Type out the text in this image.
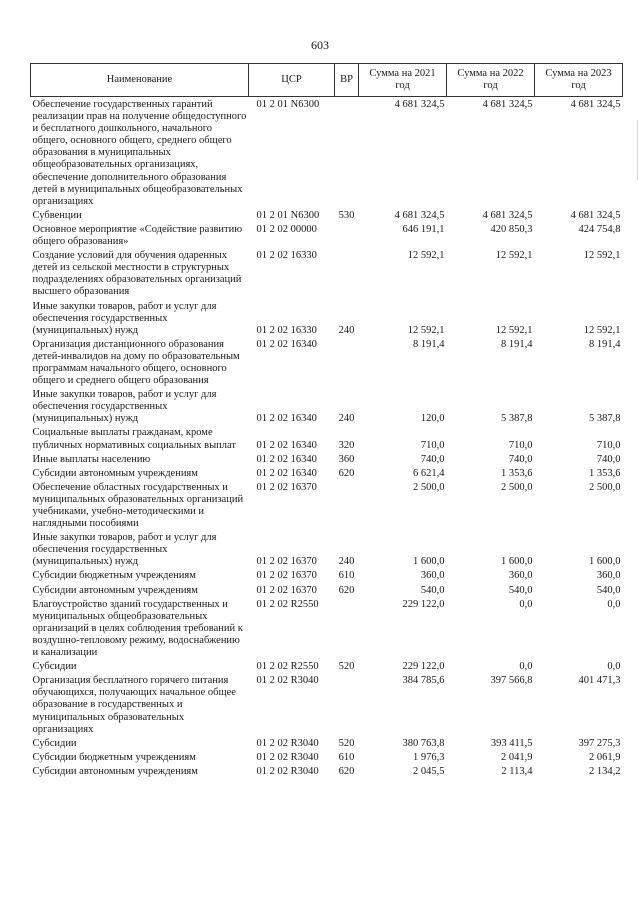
603
Наименование	ЦСР	ВР	Сумма на 2021 год	Сумма на 2022 год	Сумма на 2023 год
Обеспечение государственных гарантий реализации прав на получение общедоступного и бесплатного дошкольного, начального общего, основного общего, среднего общего образования в муниципальных общеобразовательных организациях, обеспечение дополнительного образования детей в муниципальных общеобразовательных организациях	01 2 01 N6300		4 681 324,5	4 681 324,5	4 681 324,5
Субвенции	01 2 01 N6300	530	4 681 324,5	4 681 324,5	4 681 324,5
Основное мероприятие «Содействие развитию общего образования»	01 2 02 00000		646 191,1	420 850,3	424 754,8
Создание условий для обучения одаренных детей из сельской местности в структурных подразделениях образовательных организаций высшего образования	01 2 02 16330		12 592,1	12 592,1	12 592,1
Иные закупки товаров, работ и услуг для обеспечения государственных (муниципальных) нужд	01 2 02 16330	240	12 592,1	12 592,1	12 592,1
Организация дистанционного образования детей-инвалидов на дому по образовательным программам начального общего, основного общего и среднего общего образования	01 2 02 16340		8 191,4	8 191,4	8 191,4
Иные закупки товаров, работ и услуг для обеспечения государственных (муниципальных) нужд	01 2 02 16340	240	120,0	5 387,8	5 387,8
Социальные выплаты гражданам, кроме публичных нормативных социальных выплат	01 2 02 16340	320	710,0	710,0	710,0
Иные выплаты населению	01 2 02 16340	360	740,0	740,0	740,0
Субсидии автономным учреждениям	01 2 02 16340	620	6 621,4	1 353,6	1 353,6
Обеспечение областных государственных и муниципальных образовательных организаций учебниками, учебно-методическими и наглядными пособиями	01 2 02 16370		2 500,0	2 500,0	2 500,0
Иные закупки товаров, работ и услуг для обеспечения государственных (муниципальных) нужд	01 2 02 16370	240	1 600,0	1 600,0	1 600,0
Субсидии бюджетным учреждениям	01 2 02 16370	610	360,0	360,0	360,0
Субсидии автономным учреждениям	01 2 02 16370	620	540,0	540,0	540,0
Благоустройство зданий государственных и муниципальных общеобразовательных организаций в целях соблюдения требований к воздушно-тепловому режиму, водоснабжению и канализации	01 2 02 R2550		229 122,0	0,0	0,0
Субсидии	01 2 02 R2550	520	229 122,0	0,0	0,0
Организация бесплатного горячего питания обучающихся, получающих начальное общее образование в государственных и муниципальных образовательных организациях	01 2 02 R3040		384 785,6	397 566,8	401 471,3
Субсидии	01 2 02 R3040	520	380 763,8	393 411,5	397 275,3
Субсидии бюджетным учреждениям	01 2 02 R3040	610	1 976,3	2 041,9	2 061,9
Субсидии автономным учреждениям	01 2 02 R3040	620	2 045,5	2 113,4	2 134,2
